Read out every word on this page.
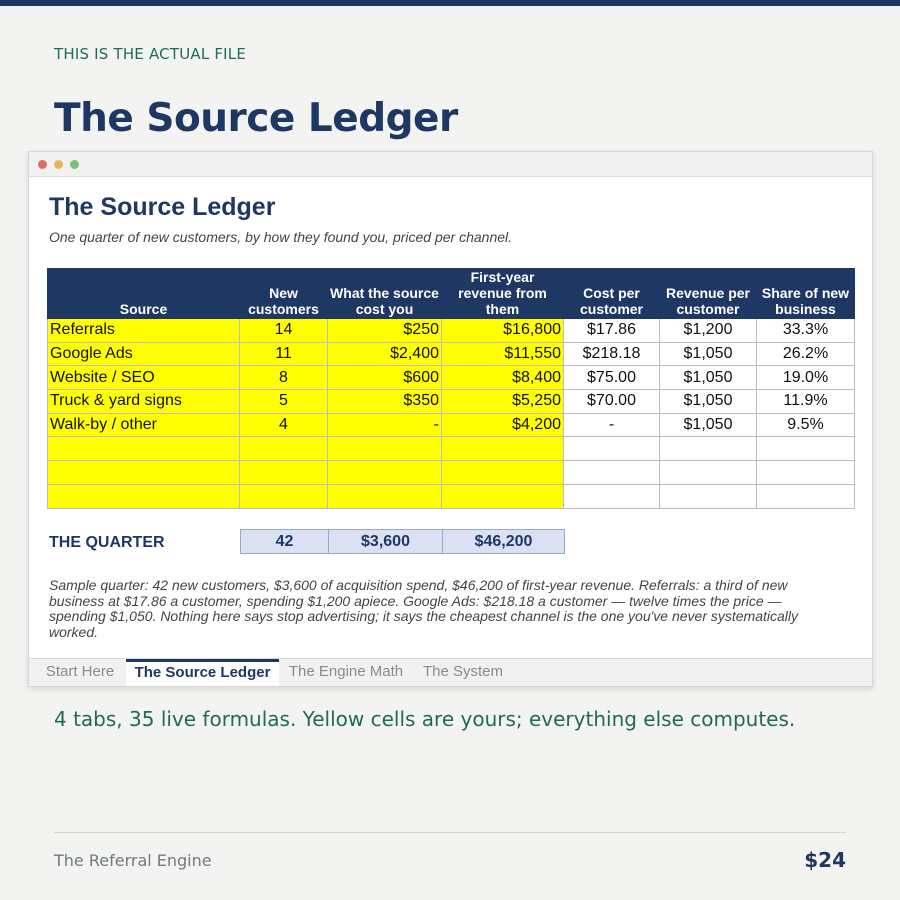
THIS IS THE ACTUAL FILE
The Source Ledger
The Source Ledger
One quarter of new customers, by how they found you, priced per channel.
Source	New customers	What the source cost you	First-year revenue from them	Cost per customer	Revenue per customer	Share of new business
Referrals	14	$250	$16,800	$17.86	$1,200	33.3%
Google Ads	11	$2,400	$11,550	$218.18	$1,050	26.2%
Website / SEO	8	$600	$8,400	$75.00	$1,050	19.0%
Truck & yard signs	5	$350	$5,250	$70.00	$1,050	11.9%
Walk-by / other	4	-	$4,200	-	$1,050	9.5%

THE QUARTER	42	$3,600	$46,200
Sample quarter: 42 new customers, $3,600 of acquisition spend, $46,200 of first-year revenue. Referrals: a third of new business at $17.86 a customer, spending $1,200 apiece. Google Ads: $218.18 a customer — twelve times the price — spending $1,050. Nothing here says stop advertising; it says the cheapest channel is the one you've never systematically worked.
Start Here	The Source Ledger	The Engine Math	The System
4 tabs, 35 live formulas. Yellow cells are yours; everything else computes.
The Referral Engine	$24
